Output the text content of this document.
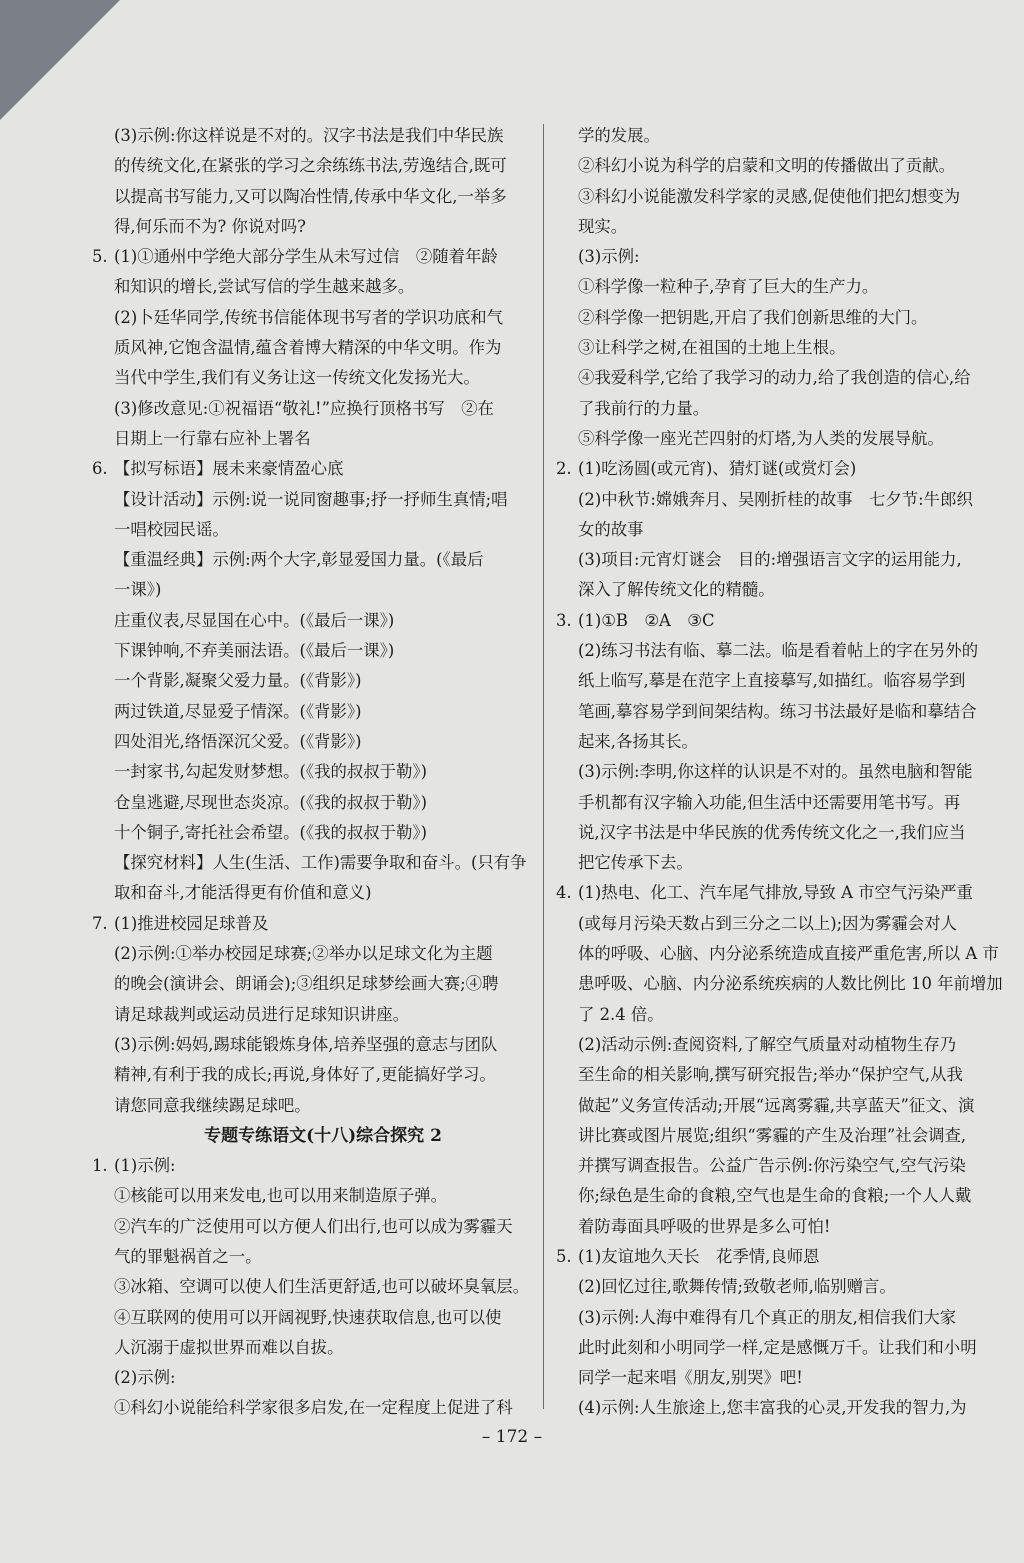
(3)示例:你这样说是不对的。汉字书法是我们中华民族
的传统文化,在紧张的学习之余练练书法,劳逸结合,既可
以提高书写能力,又可以陶冶性情,传承中华文化,一举多
得,何乐而不为? 你说对吗?
5. (1)①通州中学绝大部分学生从未写过信　②随着年龄
和知识的增长,尝试写信的学生越来越多。
(2)卜廷华同学,传统书信能体现书写者的学识功底和气
质风神,它饱含温情,蕴含着博大精深的中华文明。作为
当代中学生,我们有义务让这一传统文化发扬光大。
(3)修改意见:①祝福语“敬礼!”应换行顶格书写　②在
日期上一行靠右应补上署名
6. 【拟写标语】展未来豪情盈心底
【设计活动】示例:说一说同窗趣事;抒一抒师生真情;唱
一唱校园民谣。
【重温经典】示例:两个大字,彰显爱国力量。(《最后
一课》)
庄重仪表,尽显国在心中。(《最后一课》)
下课钟响,不弃美丽法语。(《最后一课》)
一个背影,凝聚父爱力量。(《背影》)
两过铁道,尽显爱子情深。(《背影》)
四处泪光,络悟深沉父爱。(《背影》)
一封家书,勾起发财梦想。(《我的叔叔于勒》)
仓皇逃避,尽现世态炎凉。(《我的叔叔于勒》)
十个铜子,寄托社会希望。(《我的叔叔于勒》)
【探究材料】人生(生活、工作)需要争取和奋斗。(只有争
取和奋斗,才能活得更有价值和意义)
7. (1)推进校园足球普及
(2)示例:①举办校园足球赛;②举办以足球文化为主题
的晚会(演讲会、朗诵会);③组织足球梦绘画大赛;④聘
请足球裁判或运动员进行足球知识讲座。
(3)示例:妈妈,踢球能锻炼身体,培养坚强的意志与团队
精神,有利于我的成长;再说,身体好了,更能搞好学习。
请您同意我继续踢足球吧。
专题专练语文(十八)综合探究 2
1. (1)示例:
①核能可以用来发电,也可以用来制造原子弹。
②汽车的广泛使用可以方便人们出行,也可以成为雾霾天
气的罪魁祸首之一。
③冰箱、空调可以使人们生活更舒适,也可以破坏臭氧层。
④互联网的使用可以开阔视野,快速获取信息,也可以使
人沉溺于虚拟世界而难以自拔。
(2)示例:
①科幻小说能给科学家很多启发,在一定程度上促进了科
学的发展。
②科幻小说为科学的启蒙和文明的传播做出了贡献。
③科幻小说能激发科学家的灵感,促使他们把幻想变为
现实。
(3)示例:
①科学像一粒种子,孕育了巨大的生产力。
②科学像一把钥匙,开启了我们创新思维的大门。
③让科学之树,在祖国的土地上生根。
④我爱科学,它给了我学习的动力,给了我创造的信心,给
了我前行的力量。
⑤科学像一座光芒四射的灯塔,为人类的发展导航。
2. (1)吃汤圆(或元宵)、猜灯谜(或赏灯会)
(2)中秋节:嫦娥奔月、吴刚折桂的故事　七夕节:牛郎织
女的故事
(3)项目:元宵灯谜会　目的:增强语言文字的运用能力,
深入了解传统文化的精髓。
3. (1)①B　②A　③C
(2)练习书法有临、摹二法。临是看着帖上的字在另外的
纸上临写,摹是在范字上直接摹写,如描红。临容易学到
笔画,摹容易学到间架结构。练习书法最好是临和摹结合
起来,各扬其长。
(3)示例:李明,你这样的认识是不对的。虽然电脑和智能
手机都有汉字输入功能,但生活中还需要用笔书写。再
说,汉字书法是中华民族的优秀传统文化之一,我们应当
把它传承下去。
4. (1)热电、化工、汽车尾气排放,导致 A 市空气污染严重
(或每月污染天数占到三分之二以上);因为雾霾会对人
体的呼吸、心脑、内分泌系统造成直接严重危害,所以 A 市
患呼吸、心脑、内分泌系统疾病的人数比例比 10 年前增加
了 2.4 倍。
(2)活动示例:查阅资料,了解空气质量对动植物生存乃
至生命的相关影响,撰写研究报告;举办“保护空气,从我
做起”义务宣传活动;开展“远离雾霾,共享蓝天”征文、演
讲比赛或图片展览;组织“雾霾的产生及治理”社会调查,
并撰写调查报告。公益广告示例:你污染空气,空气污染
你;绿色是生命的食粮,空气也是生命的食粮;一个人人戴
着防毒面具呼吸的世界是多么可怕!
5. (1)友谊地久天长　花季情,良师恩
(2)回忆过往,歌舞传情;致敬老师,临别赠言。
(3)示例:人海中难得有几个真正的朋友,相信我们大家
此时此刻和小明同学一样,定是感慨万千。让我们和小明
同学一起来唱《朋友,别哭》吧!
(4)示例:人生旅途上,您丰富我的心灵,开发我的智力,为
– 172 –
